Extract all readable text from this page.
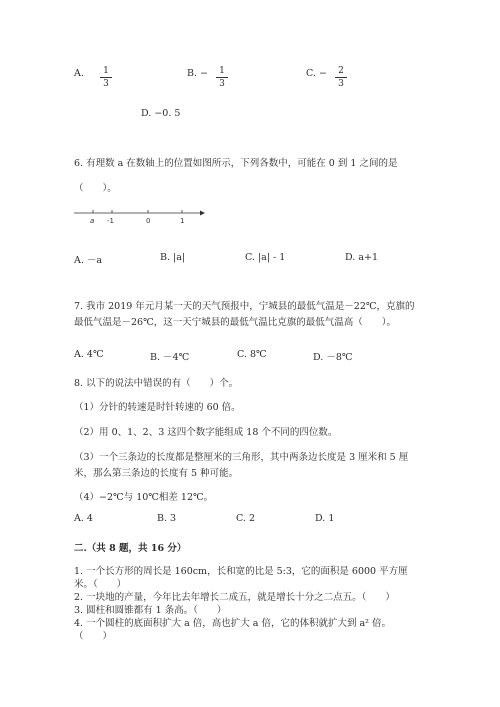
A.	1
3
B. −	1
3
C. −	2
3
D. −0. 5
6. 有理数 a 在数轴上的位置如图所示，下列各数中，可能在 0 到 1 之间的是
（　　）。
a -1	0	1
A. －a	B. |a|	C. |a| - 1	D. a+1
7. 我市 2019 年元月某一天的天气预报中，宁城县的最低气温是－22℃，克旗的
最低气温是－26℃，这一天宁城县的最低气温比克旗的最低气温高（　　）。
A. 4℃	B. －4℃	C. 8℃	D. －8℃
8. 以下的说法中错误的有（　　）个。
（1）分针的转速是时针转速的 60 倍。
（2）用 0、1、2、3 这四个数字能组成 18 个不同的四位数。
（3）一个三条边的长度都是整厘米的三角形，其中两条边长度是 3 厘米和 5 厘
米，那么第三条边的长度有 5 种可能。
（4）−2℃与 10℃相差 12℃。
A. 4	B. 3	C. 2	D. 1
二.（共 8 题，共 16 分）
1. 一个长方形的周长是 160cm，长和宽的比是 5:3，它的面积是 6000 平方厘
米。（　　）
2. 一块地的产量，今年比去年增长二成五，就是增长十分之二点五。（　　）
3. 圆柱和圆锥都有 1 条高。（　　）
4. 一个圆柱的底面积扩大 a 倍，高也扩大 a 倍，它的体积就扩大到 a² 倍。
（　　）
